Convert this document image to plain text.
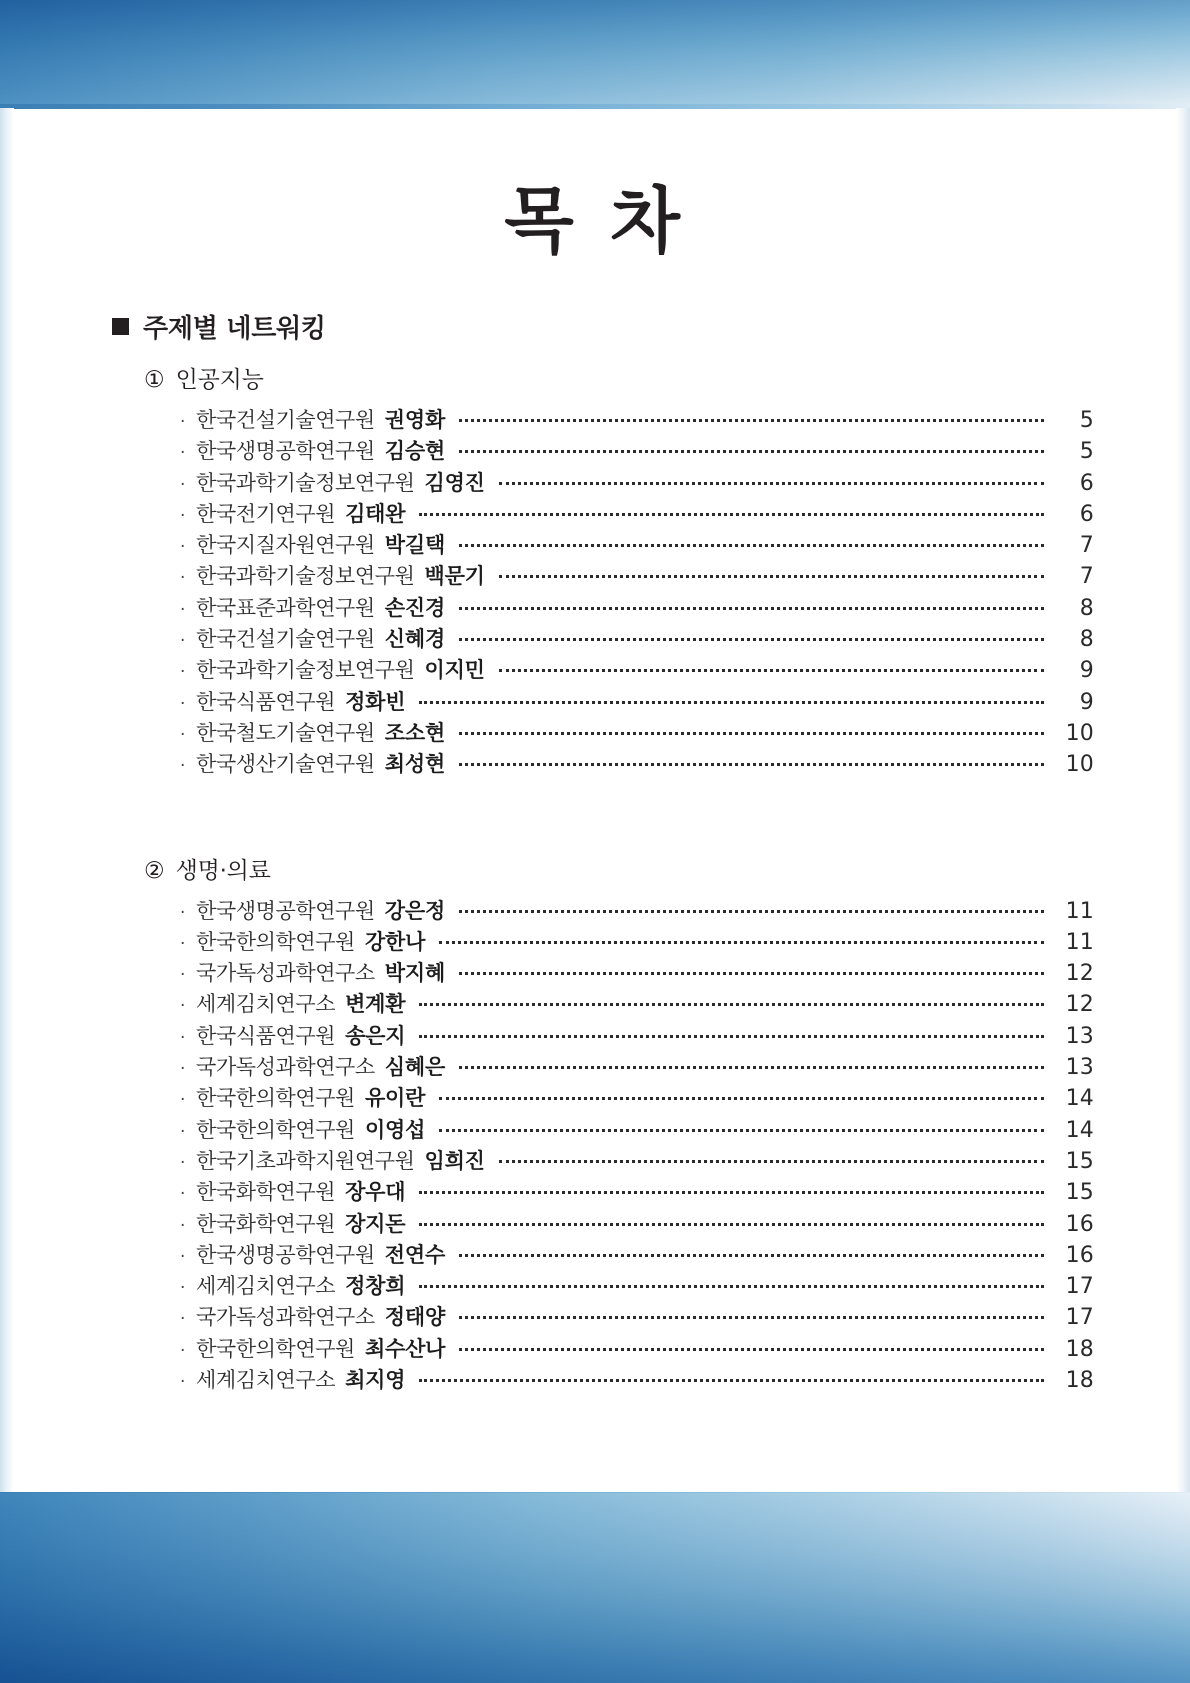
목 차
주제별 네트워킹
① 인공지능
· 한국건설기술연구원 권영화	5
· 한국생명공학연구원 김승현	5
· 한국과학기술정보연구원 김영진	6
· 한국전기연구원 김태완	6
· 한국지질자원연구원 박길택	7
· 한국과학기술정보연구원 백문기	7
· 한국표준과학연구원 손진경	8
· 한국건설기술연구원 신혜경	8
· 한국과학기술정보연구원 이지민	9
· 한국식품연구원 정화빈	9
· 한국철도기술연구원 조소현	10
· 한국생산기술연구원 최성현	10
② 생명·의료
· 한국생명공학연구원 강은정	11
· 한국한의학연구원 강한나	11
· 국가독성과학연구소 박지혜	12
· 세계김치연구소 변계환	12
· 한국식품연구원 송은지	13
· 국가독성과학연구소 심혜은	13
· 한국한의학연구원 유이란	14
· 한국한의학연구원 이영섭	14
· 한국기초과학지원연구원 임희진	15
· 한국화학연구원 장우대	15
· 한국화학연구원 장지돈	16
· 한국생명공학연구원 전연수	16
· 세계김치연구소 정창희	17
· 국가독성과학연구소 정태양	17
· 한국한의학연구원 최수산나	18
· 세계김치연구소 최지영	18
